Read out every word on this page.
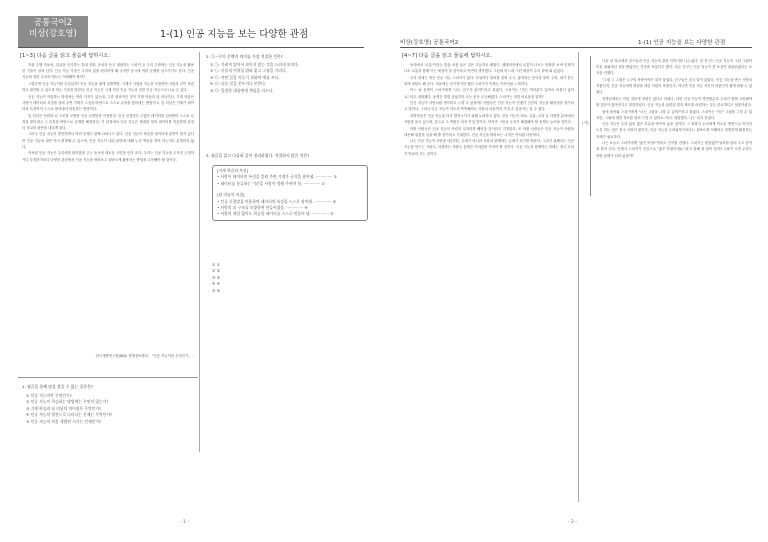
공통국어2
비상(강호영)	1-(1) 인공 지능을 보는 다양한 관점
[1~3] 다음 글을 읽고 물음에 답하시오.

자율 주행 자동차, 얼굴을 인식하는 휴대 전화, 음성을 듣고 대답하는 스피커 등 우리 주변에는 인공 지능을 활용한 기술이 넘쳐 난다. 인공 지능 기술은 우리의 삶을 편리하게 해 주지만 동시에 여러 문제를 일으키기도 한다. 인공 지능에 대한 우리의 태도는 어떠해야 할까?

그렇다면 인공 지능이란 무엇일까? 인공 지능을 쉽게 설명하면, 기계가 사람의 지능을 모방하여 사람과 같이 학습하고 판단할 수 있도록 하는 기술을 말한다. 인공 지능은 크게 약한 인공 지능과 강한 인공 지능으로 나눌 수 있다.

인공 지능이 학습하는 방법에는 여러 가지가 있는데, 그중 대표적인 것이 기계 학습과 딥 러닝이다. 기계 학습은 사람이 데이터의 특징을 알려 주면 기계가 그것을 바탕으로 스스로 규칙을 찾아내는 방법이고, 딥 러닝은 기계가 데이터의 특징까지 스스로 찾아내어 학습하는 방법이다.

딥 러닝은 사람의 뇌 구조를 모방한 인공 신경망을 이용한다. 인공 신경망은 수많은 데이터를 입력받아 스스로 특징을 찾아내고 그 특징을 바탕으로 문제를 해결한다. 이 과정에서 인공 지능은 방대한 양의 데이터를 학습하며 점점 더 정교한 판단을 내리게 된다.

그러나 인공 지능이 발전하면서 여러 문제도 함께 나타나고 있다. 인공 지능이 학습한 데이터에 편견이 담겨 있다면 인공 지능의 판단 역시 편향될 수 있으며, 인공 지능이 내린 판단에 대해 누가 책임을 져야 하는지도 분명하지 않다.

이처럼 인공 지능은 우리에게 편리함을 주는 동시에 새로운 고민을 안겨 준다. 우리는 인공 지능을 무조건 긍정하거나 부정하기보다 다양한 관점에서 인공 지능을 바라보고 올바르게 활용하는 방법을 고민해야 할 것이다.

- 한국개발연구원(KDI) 경제정보센터, 「인공 지능이란 무엇인가」 -
2. ㉠~㉤의 문맥적 의미를 가장 적절한 것은?
① ㉠: 가려져 있어서 보이지 않는 것을 드러내 보이다.
② ㉡: 사물의 이치를 밝혀 옳고 그름을 가리다.
③ ㉢: 어떤 일을 이루기 위하여 애를 쓰다.
④ ㉣: 다른 것을 본뜨거나 본받다.
⑤ ㉤: 일정한 대상에게 책임을 지우다.
3. 윗글을 읽고 다음과 같이 정리하였다. 적절하지 않은 것은?
[기계 학습의 특징]
• 사람이 데이터의 특징을 알려 주면 기계가 규칙을 찾아냄. ·············· ①
• 데이터를 분류하는 기준을 사람이 정해 주어야 함. ·············· ②
[딥 러닝의 특징]
• 인공 신경망을 이용하여 데이터의 특징을 스스로 찾아냄. ·············· ③
• 사람의 뇌 구조를 모방하여 만들어졌음. ·············· ④
• 사람의 개입 없이도 학습할 데이터를 스스로 만들어 냄. ·············· ⑤
① ①
② ②
③ ③
④ ④
⑤ ⑤
1. 윗글을 통해 답을 찾을 수 없는 질문은?
① 인공 지능이란 무엇인가?
② 인공 지능이 학습하는 방법에는 무엇이 있는가?
③ 기계 학습과 딥 러닝의 차이점은 무엇인가?
④ 인공 지능의 발전으로 나타나는 문제는 무엇인가?
⑤ 인공 지능이 처음 개발된 시기는 언제인가?
- 1 -
비상(강호영) 공통국어2	1-(1) 인공 지능을 보는 다양한 관점
[4~7] 다음 글을 읽고 물음에 답하시오.

동네에서 '로봇'이라는 말을 처음 들은 것은 초등학교 때였다. 텔레비전에서 로봇이 나오는 만화를 보며 언젠가 나도 로봇과 함께 사는 세상이 올 것이라고 막연히 생각했다. 그런데 어느새 그런 세상이 우리 곁에 와 있었다.

우리 집에는 작은 인공 지능 스피커가 있다. 아침마다 날씨를 알려 주고, 좋아하는 음악을 틀어 주며, 내가 묻는 말에 대답도 해 준다. 처음에는 신기하기만 했던 스피커가 이제는 가족처럼 느껴진다.

어느 날 동생이 스피커에게 "너는 친구가 있어?"라고 물었다. 스피커는 "저는 여러분이 있어서 외롭지 않아요."라고 대답했다. 동생은 깔깔 웃었지만 나는 문득 궁금해졌다. 스피커는 정말 외로움을 알까?

인공 지능이 사람처럼 생각하고 느낄 수 있을까? 사람들은 인공 지능이 언젠가 인간의 지능을 뛰어넘을 것이라고 말한다. 그러나 인공 지능이 아무리 똑똑해져도 사람의 마음까지 가질 수 있을지는 알 수 없다.

과학자들은 인공 지능을 더욱 발전시키기 위해 노력하고 있다. 인공 지능은 의료, 교통, 교육 등 다양한 분야에서 사람을 돕고 있으며, 앞으로 그 역할은 더욱 커질 것이다. 하지만 그만큼 우리가 해결해야 할 문제도 늘어날 것이다.

어떤 사람들은 인공 지능이 사람의 일자리를 빼앗을 것이라고 걱정한다. 또 어떤 사람들은 인공 지능이 사람을 대신해 위험한 일을 해 줄 것이라고 기대한다. 인공 지능을 바라보는 시각은 이처럼 다양하다.

나는 인공 지능이 사람을 대신하는 존재가 아니라 사람과 함께하는 존재가 되기를 바란다. 그러기 위해서는 인공 지능을 만드는 사람도, 사용하는 사람도 올바른 가치관을 가져야 할 것이다. 인공 지능과 함께하는 미래는 결국 우리가 만들어 가는 것이다.

(가)

다음 날 학교에서 친구들과 인공 지능에 관한 이야기를 나누었다. 한 친구는 인공 지능이 그린 그림이 미술 대회에서 상을 받았다는 기사를 보았다고 했다. 다른 친구는 인공 지능이 쓴 소설이 출판되었다는 소식을 전했다.

"그럼 그 그림은 누구의 작품이야?" 내가 물었다. 친구들은 잠시 말이 없었다. 인공 지능을 만든 사람의 작품인지, 인공 지능에게 명령을 내린 사람의 작품인지, 아니면 인공 지능 자신의 작품인지 쉽게 답할 수 없었다.

선생님께서는 이런 질문에 정답은 없다고 하셨다. 다만 인공 지능이 발전할수록 우리가 함께 고민해야 할 질문이 많아진다고 말씀하셨다. 인공 지능과 관련된 법과 제도를 마련하는 일도 중요하다고 덧붙이셨다.

집에 돌아와 스피커에게 "너는 그림을 그릴 수 있어?"라고 물었다. 스피커는 "저는 그림을 그릴 수 없지만, 그림에 대한 정보를 알려 드릴 수 있어요."라고 대답했다. 나는 피식 웃었다.

인공 지능은 우리 삶의 많은 부분을 바꾸어 놓을 것이다. 그 변화가 우리에게 이로운 방향으로 이어지도록 하는 것은 결국 사람의 몫이다. 인공 지능을 두려워하기보다는 올바르게 이해하고 현명하게 활용하는 자세가 필요하다.

나는 오늘도 스피커에게 "좋은 아침!"이라고 인사를 건넨다. 스피커는 변함없이 날씨를 알려 주고 음악을 틀어 준다. 언젠가 스피커가 진심으로 "좋은 아침이에요."라고 말해 줄 날이 올까? 그날이 오면 우리는 어떤 관계가 되어 있을까?

- 2 -
